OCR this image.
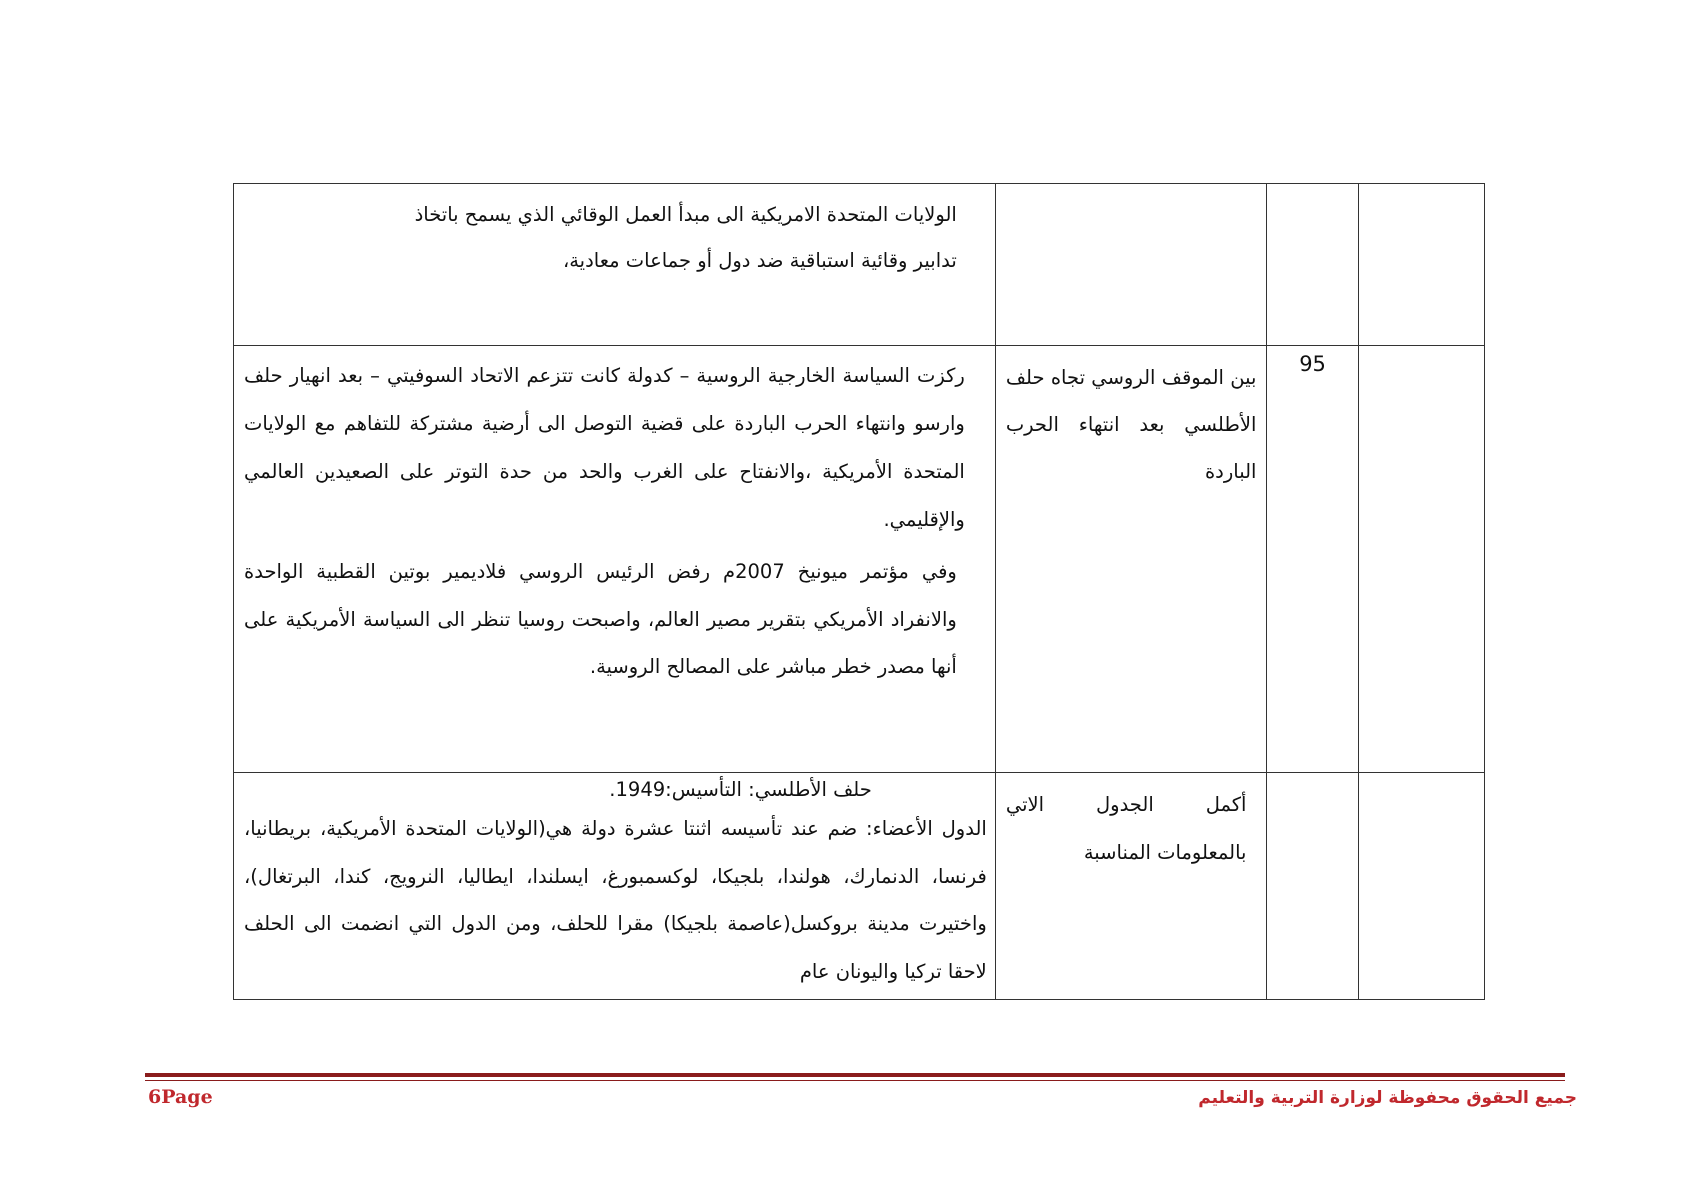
الولايات المتحدة الامريكية الى مبدأ العمل الوقائي الذي يسمح باتخاذ

تدابير وقائية استباقية ضد دول أو جماعات معادية،			

ركزت السياسة الخارجية الروسية – كدولة كانت تتزعم الاتحاد السوفيتي – بعد انهيار حلف وارسو وانتهاء الحرب الباردة على قضية التوصل الى أرضية مشتركة للتفاهم مع الولايات المتحدة الأمريكية ،والانفتاح على الغرب والحد من حدة التوتر على الصعيدين العالمي والإقليمي.

وفي مؤتمر ميونيخ 2007م رفض الرئيس الروسي فلاديمير بوتين القطبية الواحدة والانفراد الأمريكي بتقرير مصير العالم، واصبحت روسيا تنظر الى السياسة الأمريكية على أنها مصدر خطر مباشر على المصالح الروسية.	بين الموقف الروسي تجاه حلف الأطلسي بعد انتهاء الحرب الباردة	95	

حلف الأطلسي: التأسيس:1949.

الدول الأعضاء: ضم عند تأسيسه اثنتا عشرة دولة هي(الولايات المتحدة الأمريكية، بريطانيا، فرنسا، الدنمارك، هولندا، بلجيكا، لوكسمبورغ، ايسلندا، ايطاليا، النرويج، كندا، البرتغال)، واختيرت مدينة بروكسل(عاصمة بلجيكا) مقرا للحلف، ومن الدول التي انضمت الى الحلف لاحقا تركيا واليونان عام	أكمل الجدول الاتي بالمعلومات المناسبة		

6Page	جميع الحقوق محفوظة لوزارة التربية والتعليم
